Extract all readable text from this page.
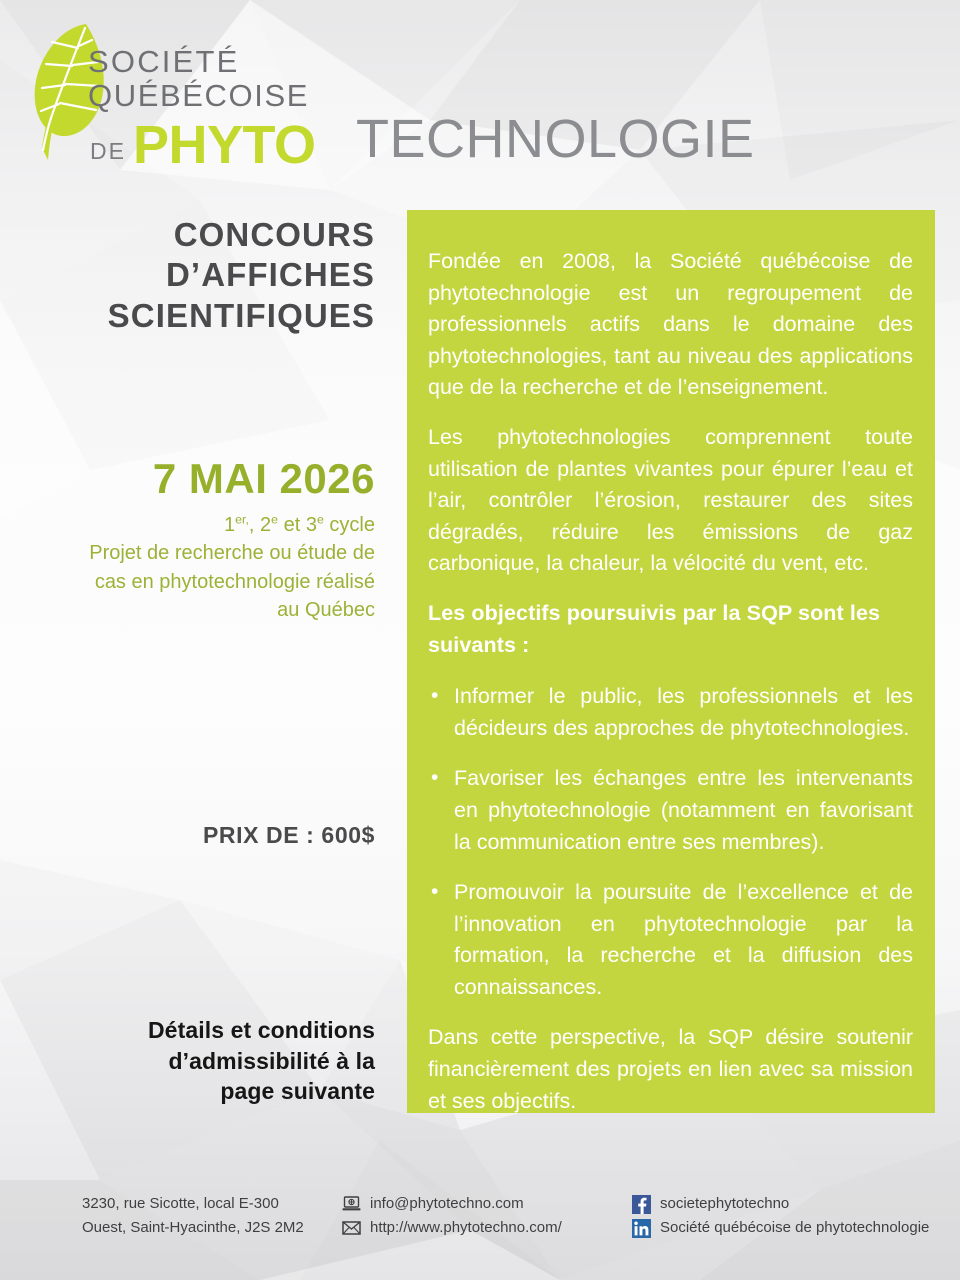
SOCIÉTÉ
QUÉBÉCOISE
DE PHYTO TECHNOLOGIE
CONCOURS
D’AFFICHES
SCIENTIFIQUES
7 MAI 2026
$1^{er,}$, 2e et 3e cycle
Projet de recherche ou étude de
cas en phytotechnologie réalisé
au Québec
PRIX DE : 600$
Détails et conditions
d’admissibilité à la
page suivante

Fondée en 2008, la Société québécoise de phytotechnologie est un regroupement de professionnels actifs dans le domaine des phytotechnologies, tant au niveau des applications que de la recherche et de l’enseignement.

Les phytotechnologies comprennent toute utilisation de plantes vivantes pour épurer l’eau et l’air, contrôler l’érosion, restaurer des sites dégradés, réduire les émissions de gaz carbonique, la chaleur, la vélocité du vent, etc.

Les objectifs poursuivis par la SQP sont les suivants :

• Informer le public, les professionnels et les décideurs des approches de phytotechnologies.
• Favoriser les échanges entre les intervenants en phytotechnologie (notamment en favorisant la communication entre ses membres).
• Promouvoir la poursuite de l’excellence et de l’innovation en phytotechnologie par la formation, la recherche et la diffusion des connaissances.

Dans cette perspective, la SQP désire soutenir financièrement des projets en lien avec sa mission et ses objectifs.

3230, rue Sicotte, local E-300
Ouest, Saint-Hyacinthe, J2S 2M2
info@phytotechno.com
http://www.phytotechno.com/
societephytotechno
Société québécoise de phytotechnologie
